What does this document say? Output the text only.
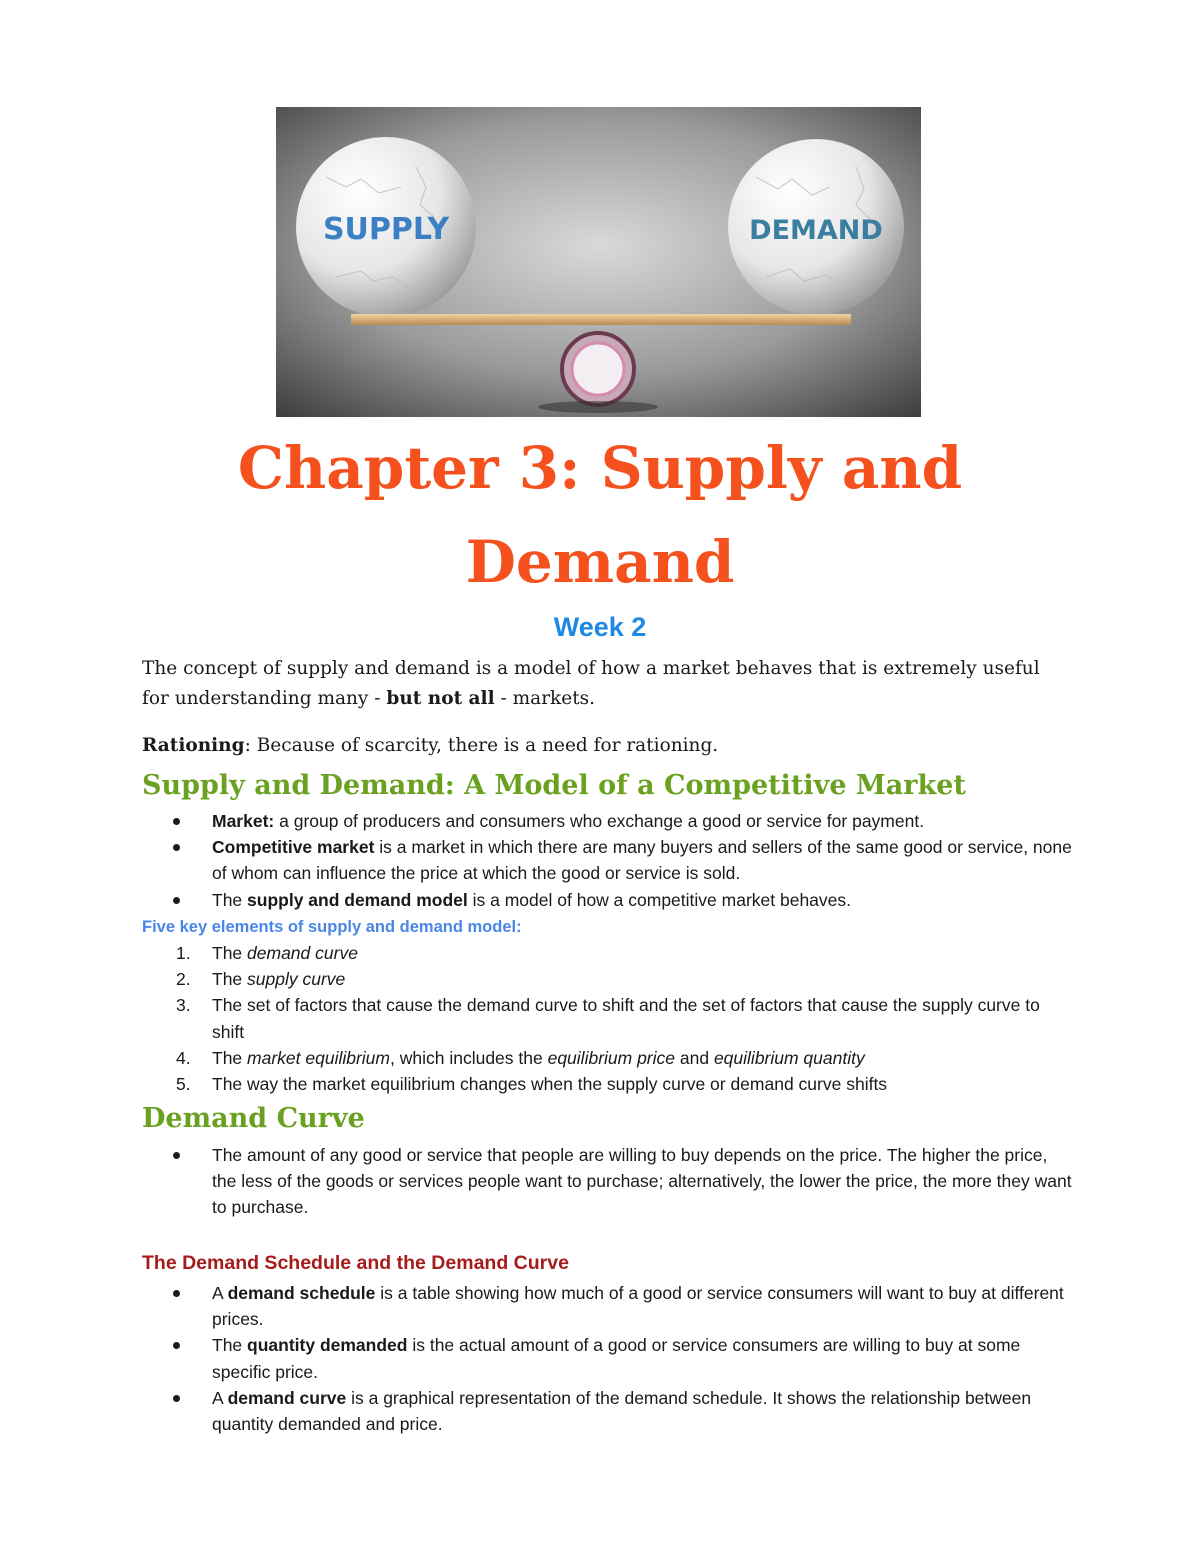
SUPPLY	DEMAND
Chapter 3: Supply and
Demand
Week 2

The concept of supply and demand is a model of how a market behaves that is extremely useful for understanding many - but not all - markets.

Rationing: Because of scarcity, there is a need for rationing.

Supply and Demand: A Model of a Competitive Market
Market: a group of producers and consumers who exchange a good or service for payment.
Competitive market is a market in which there are many buyers and sellers of the same good or service, none of whom can influence the price at which the good or service is sold.
The supply and demand model is a model of how a competitive market behaves.
Five key elements of supply and demand model:
1. The demand curve
2. The supply curve
3. The set of factors that cause the demand curve to shift and the set of factors that cause the supply curve to shift
4. The market equilibrium, which includes the equilibrium price and equilibrium quantity
5. The way the market equilibrium changes when the supply curve or demand curve shifts
Demand Curve
The amount of any good or service that people are willing to buy depends on the price. The higher the price, the less of the goods or services people want to purchase; alternatively, the lower the price, the more they want to purchase.
The Demand Schedule and the Demand Curve
A demand schedule is a table showing how much of a good or service consumers will want to buy at different prices.
The quantity demanded is the actual amount of a good or service consumers are willing to buy at some specific price.
A demand curve is a graphical representation of the demand schedule. It shows the relationship between quantity demanded and price.
